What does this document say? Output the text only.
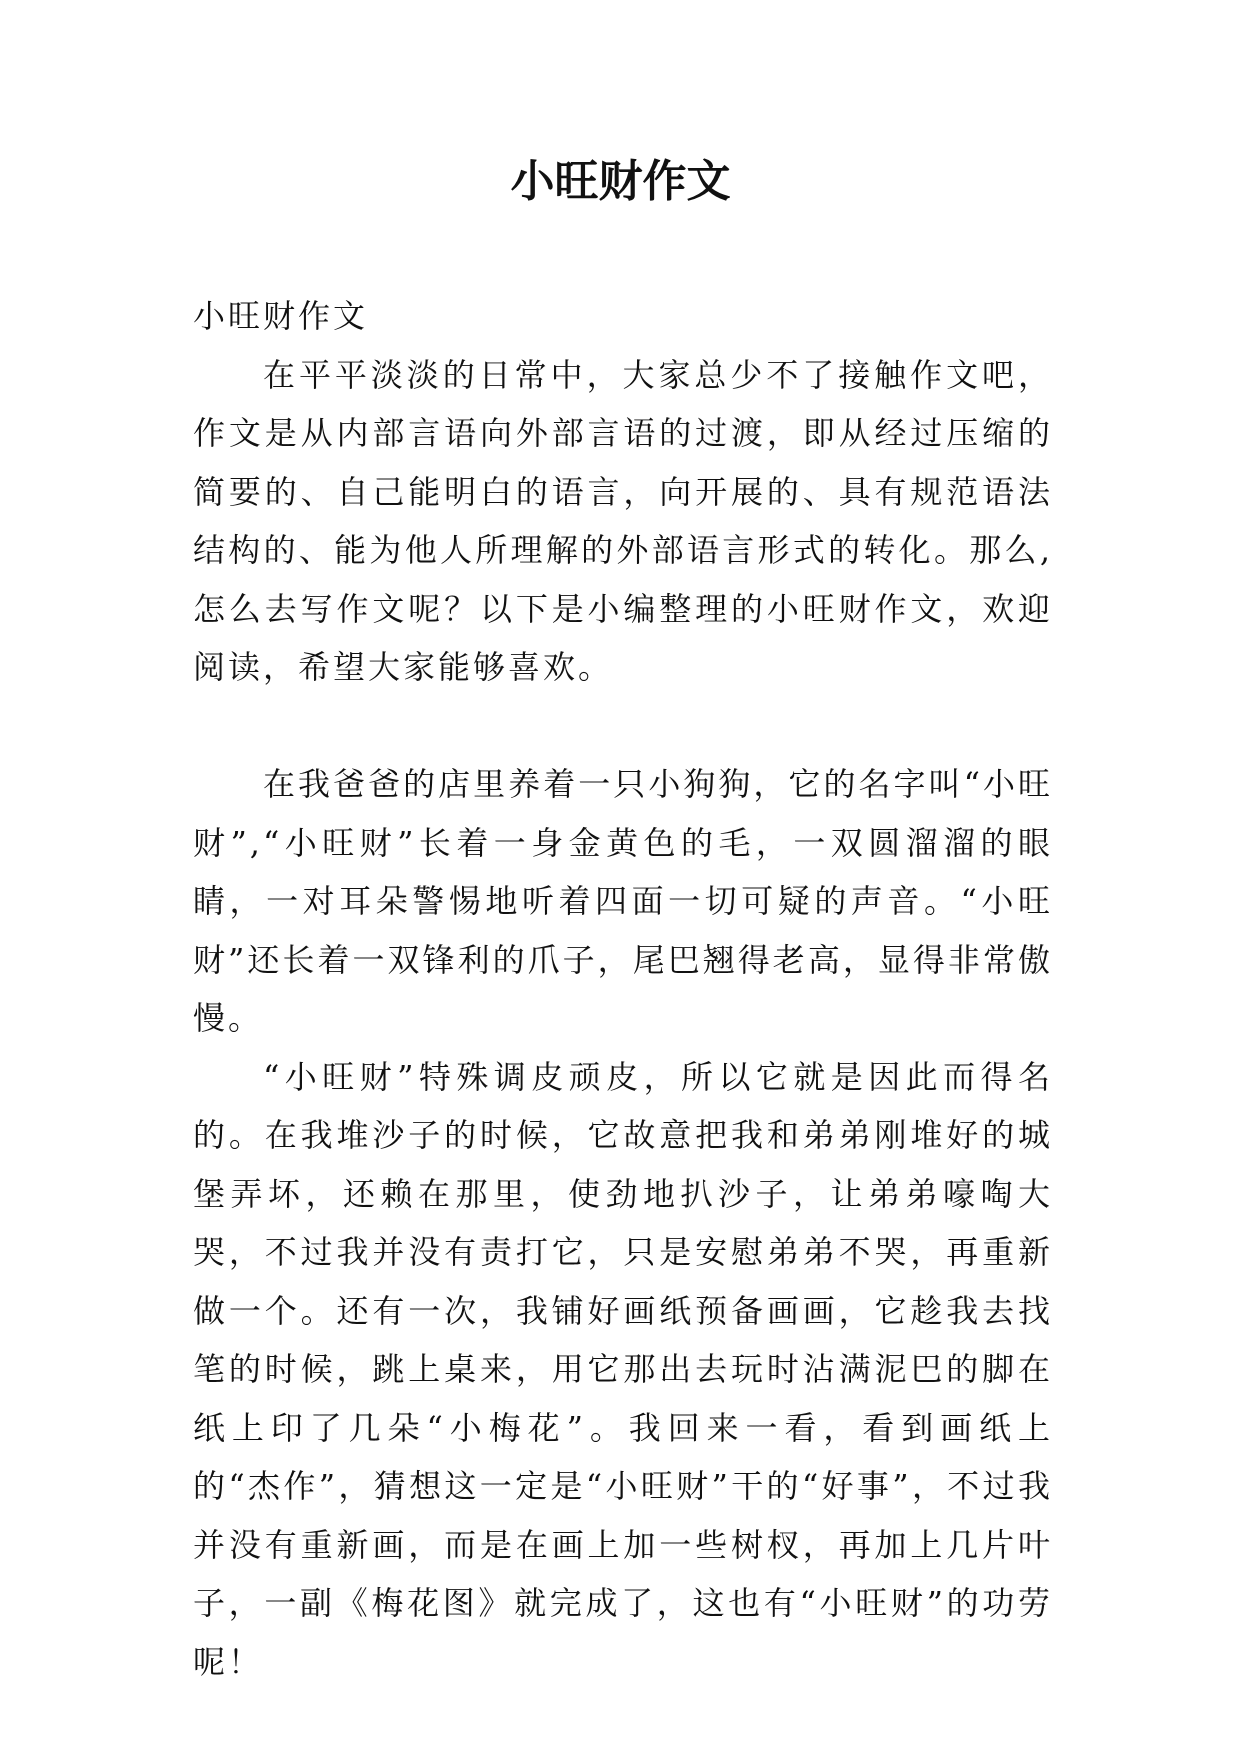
小旺财作文

小旺财作文

在平平淡淡的日常中，大家总少不了接触作文吧，作文是从内部言语向外部言语的过渡，即从经过压缩的简要的、自己能明白的语言，向开展的、具有规范语法结构的、能为他人所理解的外部语言形式的转化。那么,怎么去写作文呢？以下是小编整理的小旺财作文，欢迎阅读，希望大家能够喜欢。

在我爸爸的店里养着一只小狗狗，它的名字叫“小旺财”,“小旺财”长着一身金黄色的毛，一双圆溜溜的眼睛，一对耳朵警惕地听着四面一切可疑的声音。“小旺财”还长着一双锋利的爪子，尾巴翘得老高，显得非常傲慢。

“小旺财”特殊调皮顽皮，所以它就是因此而得名的。在我堆沙子的时候，它故意把我和弟弟刚堆好的城堡弄坏，还赖在那里，使劲地扒沙子，让弟弟嚎啕大哭，不过我并没有责打它，只是安慰弟弟不哭，再重新做一个。还有一次，我铺好画纸预备画画，它趁我去找笔的时候，跳上桌来，用它那出去玩时沾满泥巴的脚在纸上印了几朵“小梅花”。我回来一看，看到画纸上的“杰作”，猜想这一定是“小旺财”干的“好事”，不过我并没有重新画，而是在画上加一些树杈，再加上几片叶子，一副《梅花图》就完成了，这也有“小旺财”的功劳呢！
